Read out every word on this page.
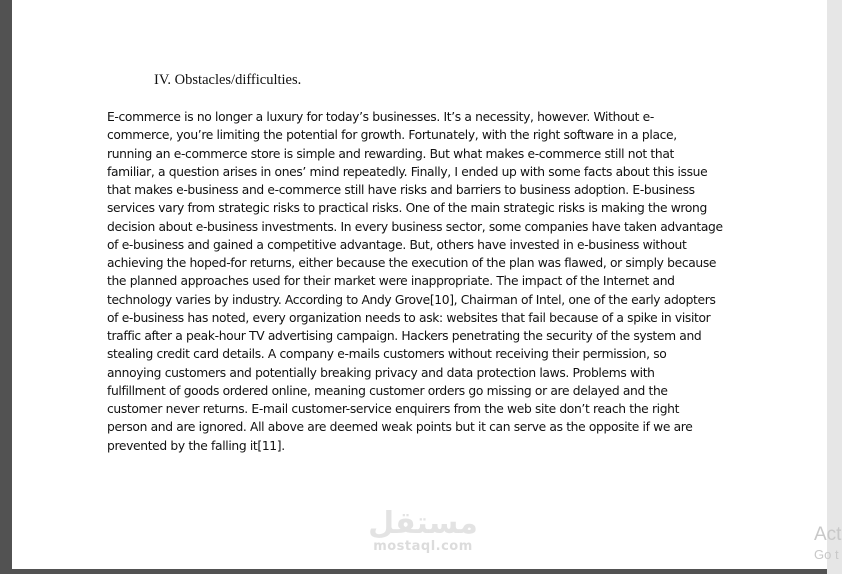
IV. Obstacles/difficulties.
E-commerce is no longer a luxury for today’s businesses. It’s a necessity, however. Without e-
commerce, you’re limiting the potential for growth. Fortunately, with the right software in a place,
running an e-commerce store is simple and rewarding. But what makes e-commerce still not that
familiar, a question arises in ones’ mind repeatedly. Finally, I ended up with some facts about this issue
that makes e-business and e-commerce still have risks and barriers to business adoption. E-business
services vary from strategic risks to practical risks. One of the main strategic risks is making the wrong
decision about e-business investments. In every business sector, some companies have taken advantage
of e-business and gained a competitive advantage. But, others have invested in e-business without
achieving the hoped-for returns, either because the execution of the plan was flawed, or simply because
the planned approaches used for their market were inappropriate. The impact of the Internet and
technology varies by industry. According to Andy Grove[10], Chairman of Intel, one of the early adopters
of e-business has noted, every organization needs to ask: websites that fail because of a spike in visitor
traffic after a peak-hour TV advertising campaign. Hackers penetrating the security of the system and
stealing credit card details. A company e-mails customers without receiving their permission, so
annoying customers and potentially breaking privacy and data protection laws. Problems with
fulfillment of goods ordered online, meaning customer orders go missing or are delayed and the
customer never returns. E-mail customer-service enquirers from the web site don’t reach the right
person and are ignored. All above are deemed weak points but it can serve as the opposite if we are
prevented by the falling it[11].
مستقل
mostaql.com
Act
Go t
